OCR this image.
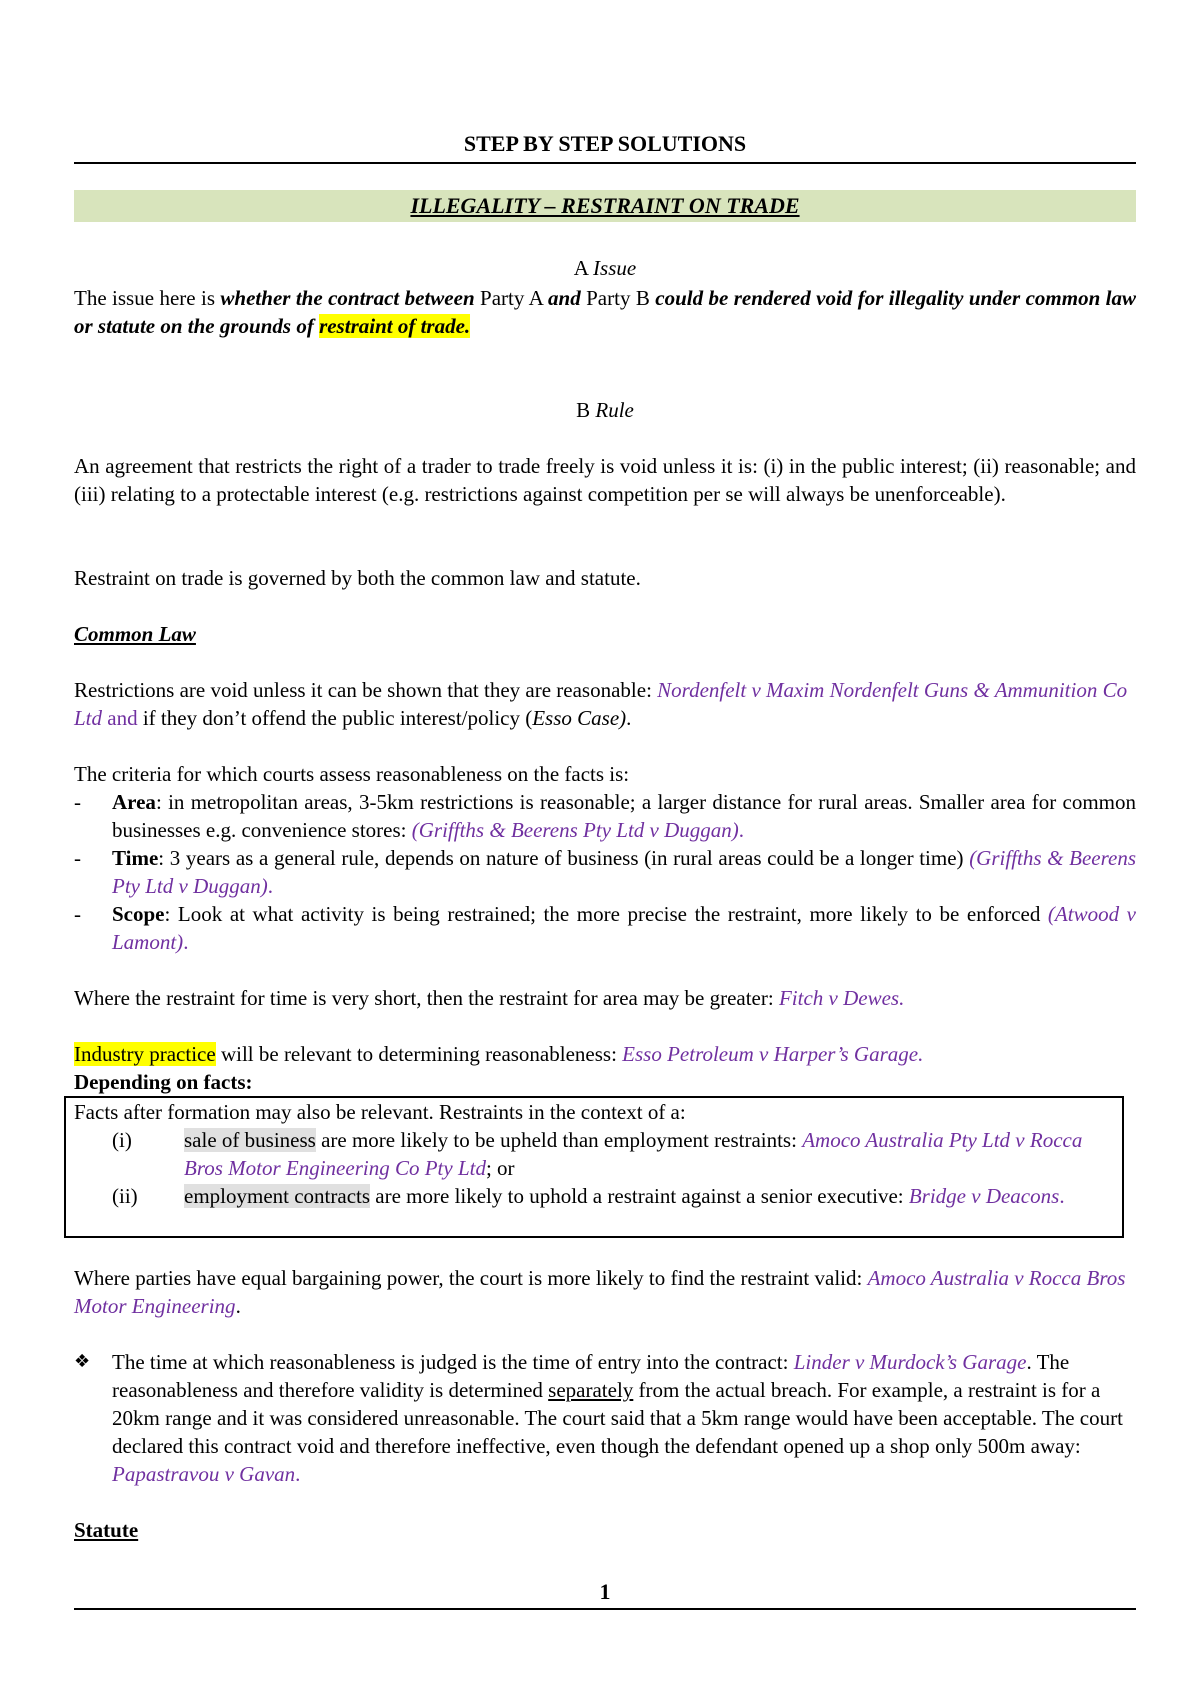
STEP BY STEP SOLUTIONS
ILLEGALITY – RESTRAINT ON TRADE
A Issue
The issue here is whether the contract between Party A and Party B could be rendered void for illegality under common law or statute on the grounds of restraint of trade.
B Rule
An agreement that restricts the right of a trader to trade freely is void unless it is: (i) in the public interest; (ii) reasonable; and (iii) relating to a protectable interest (e.g. restrictions against competition per se will always be unenforceable).
Restraint on trade is governed by both the common law and statute.
Common Law
Restrictions are void unless it can be shown that they are reasonable: Nordenfelt v Maxim Nordenfelt Guns & Ammunition Co Ltd and if they don’t offend the public interest/policy (Esso Case).
The criteria for which courts assess reasonableness on the facts is:
- Area: in metropolitan areas, 3-5km restrictions is reasonable; a larger distance for rural areas. Smaller area for common businesses e.g. convenience stores: (Griffths & Beerens Pty Ltd v Duggan).
- Time: 3 years as a general rule, depends on nature of business (in rural areas could be a longer time) (Griffths & Beerens Pty Ltd v Duggan).
- Scope: Look at what activity is being restrained; the more precise the restraint, more likely to be enforced (Atwood v Lamont).
Where the restraint for time is very short, then the restraint for area may be greater: Fitch v Dewes.
Industry practice will be relevant to determining reasonableness: Esso Petroleum v Harper’s Garage.
Depending on facts:
Facts after formation may also be relevant. Restraints in the context of a:
(i) sale of business are more likely to be upheld than employment restraints: Amoco Australia Pty Ltd v Rocca Bros Motor Engineering Co Pty Ltd; or
(ii) employment contracts are more likely to uphold a restraint against a senior executive: Bridge v Deacons.
Where parties have equal bargaining power, the court is more likely to find the restraint valid: Amoco Australia v Rocca Bros Motor Engineering.
❖ The time at which reasonableness is judged is the time of entry into the contract: Linder v Murdock’s Garage. The reasonableness and therefore validity is determined separately from the actual breach. For example, a restraint is for a 20km range and it was considered unreasonable. The court said that a 5km range would have been acceptable. The court declared this contract void and therefore ineffective, even though the defendant opened up a shop only 500m away: Papastravou v Gavan.
Statute
1
